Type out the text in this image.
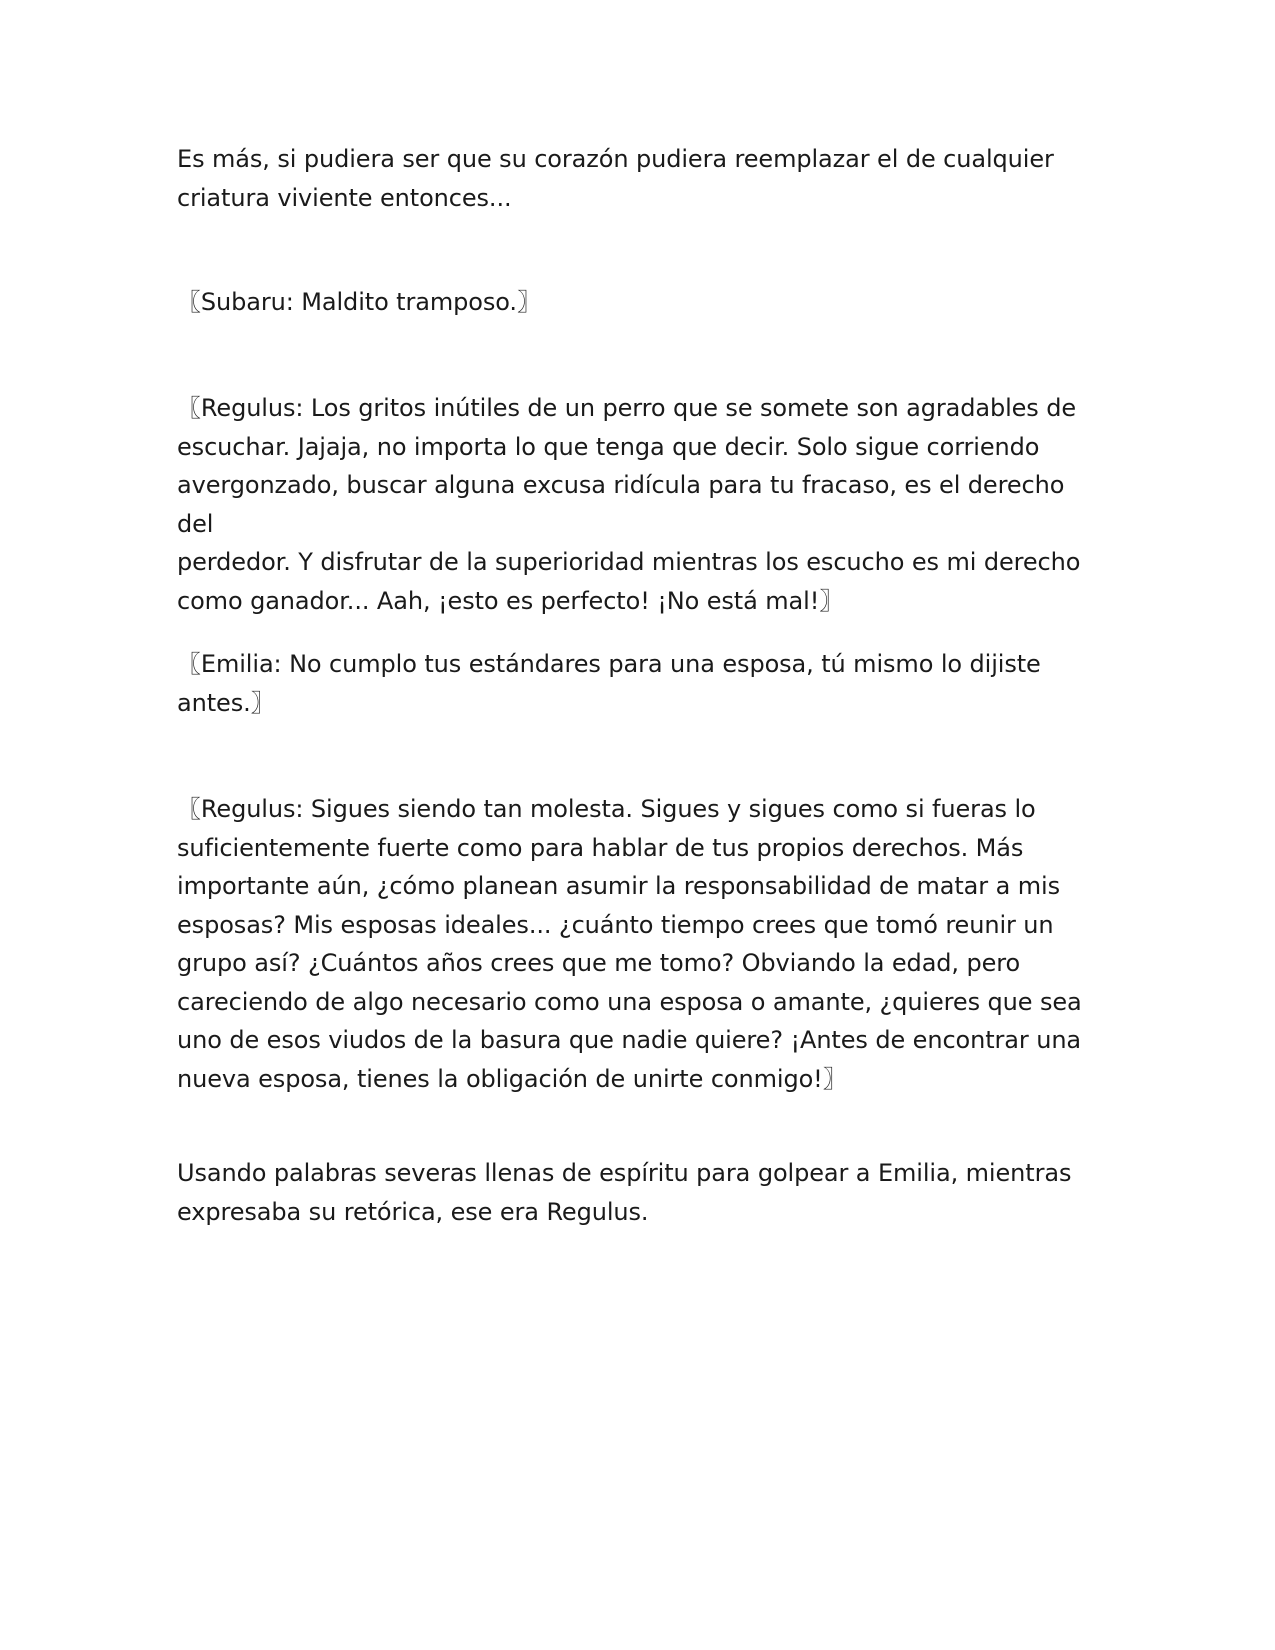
Es más, si pudiera ser que su corazón pudiera reemplazar el de cualquier
criatura viviente entonces...

〖Subaru: Maldito tramposo.〗

〖Regulus: Los gritos inútiles de un perro que se somete son agradables de
escuchar. Jajaja, no importa lo que tenga que decir. Solo sigue corriendo
avergonzado, buscar alguna excusa ridícula para tu fracaso, es el derecho del
perdedor. Y disfrutar de la superioridad mientras los escucho es mi derecho
como ganador... Aah, ¡esto es perfecto! ¡No está mal!〗

〖Emilia: No cumplo tus estándares para una esposa, tú mismo lo dijiste
antes.〗

〖Regulus: Sigues siendo tan molesta. Sigues y sigues como si fueras lo
suficientemente fuerte como para hablar de tus propios derechos. Más
importante aún, ¿cómo planean asumir la responsabilidad de matar a mis
esposas? Mis esposas ideales... ¿cuánto tiempo crees que tomó reunir un
grupo así? ¿Cuántos años crees que me tomo? Obviando la edad, pero
careciendo de algo necesario como una esposa o amante, ¿quieres que sea
uno de esos viudos de la basura que nadie quiere? ¡Antes de encontrar una
nueva esposa, tienes la obligación de unirte conmigo!〗

Usando palabras severas llenas de espíritu para golpear a Emilia, mientras
expresaba su retórica, ese era Regulus.
